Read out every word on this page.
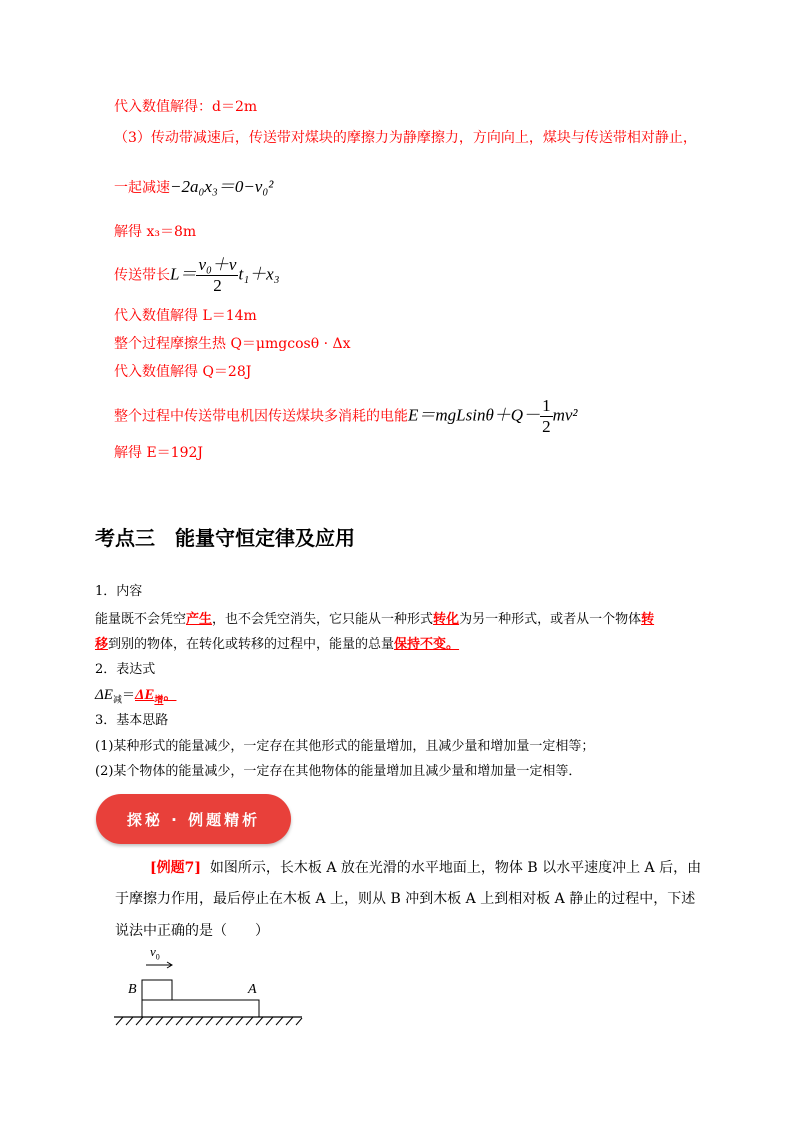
代入数值解得：d＝2m
（3）传动带减速后，传送带对煤块的摩擦力为静摩擦力，方向向上，煤块与传送带相对静止，
一起减速−2a₀x₃＝0−v₀²
解得 x₃＝8m
传送带长$L= \frac{\text{v₀＋v}}{2} t_1+x_3$
代入数值解得 L＝14m
整个过程摩擦生热 Q＝μmgcosθ · Δx
代入数值解得 Q＝28J
整个过程中传送带电机因传送煤块多消耗的电能$E=mgLsin\theta+Q- \frac{1}{2} mv^2$
解得 E＝192J
考点三　能量守恒定律及应用
1．内容
能量既不会凭空产生，也不会凭空消失，它只能从一种形式转化为另一种形式，或者从一个物体转
移到别的物体，在转化或转移的过程中，能量的总量保持不变。
2．表达式
$\Delta E_减=\Delta E_增$。
3．基本思路
(1)某种形式的能量减少，一定存在其他形式的能量增加，且减少量和增加量一定相等；
(2)某个物体的能量减少，一定存在其他物体的能量增加且减少量和增加量一定相等．
探秘 · 例题精析
[例题7] 如图所示，长木板 A 放在光滑的水平地面上，物体 B 以水平速度冲上 A 后，由
于摩擦力作用，最后停止在木板 A 上，则从 B 冲到木板 A 上到相对板 A 静止的过程中，下述
说法中正确的是（　　）
$v_0$
B	A
